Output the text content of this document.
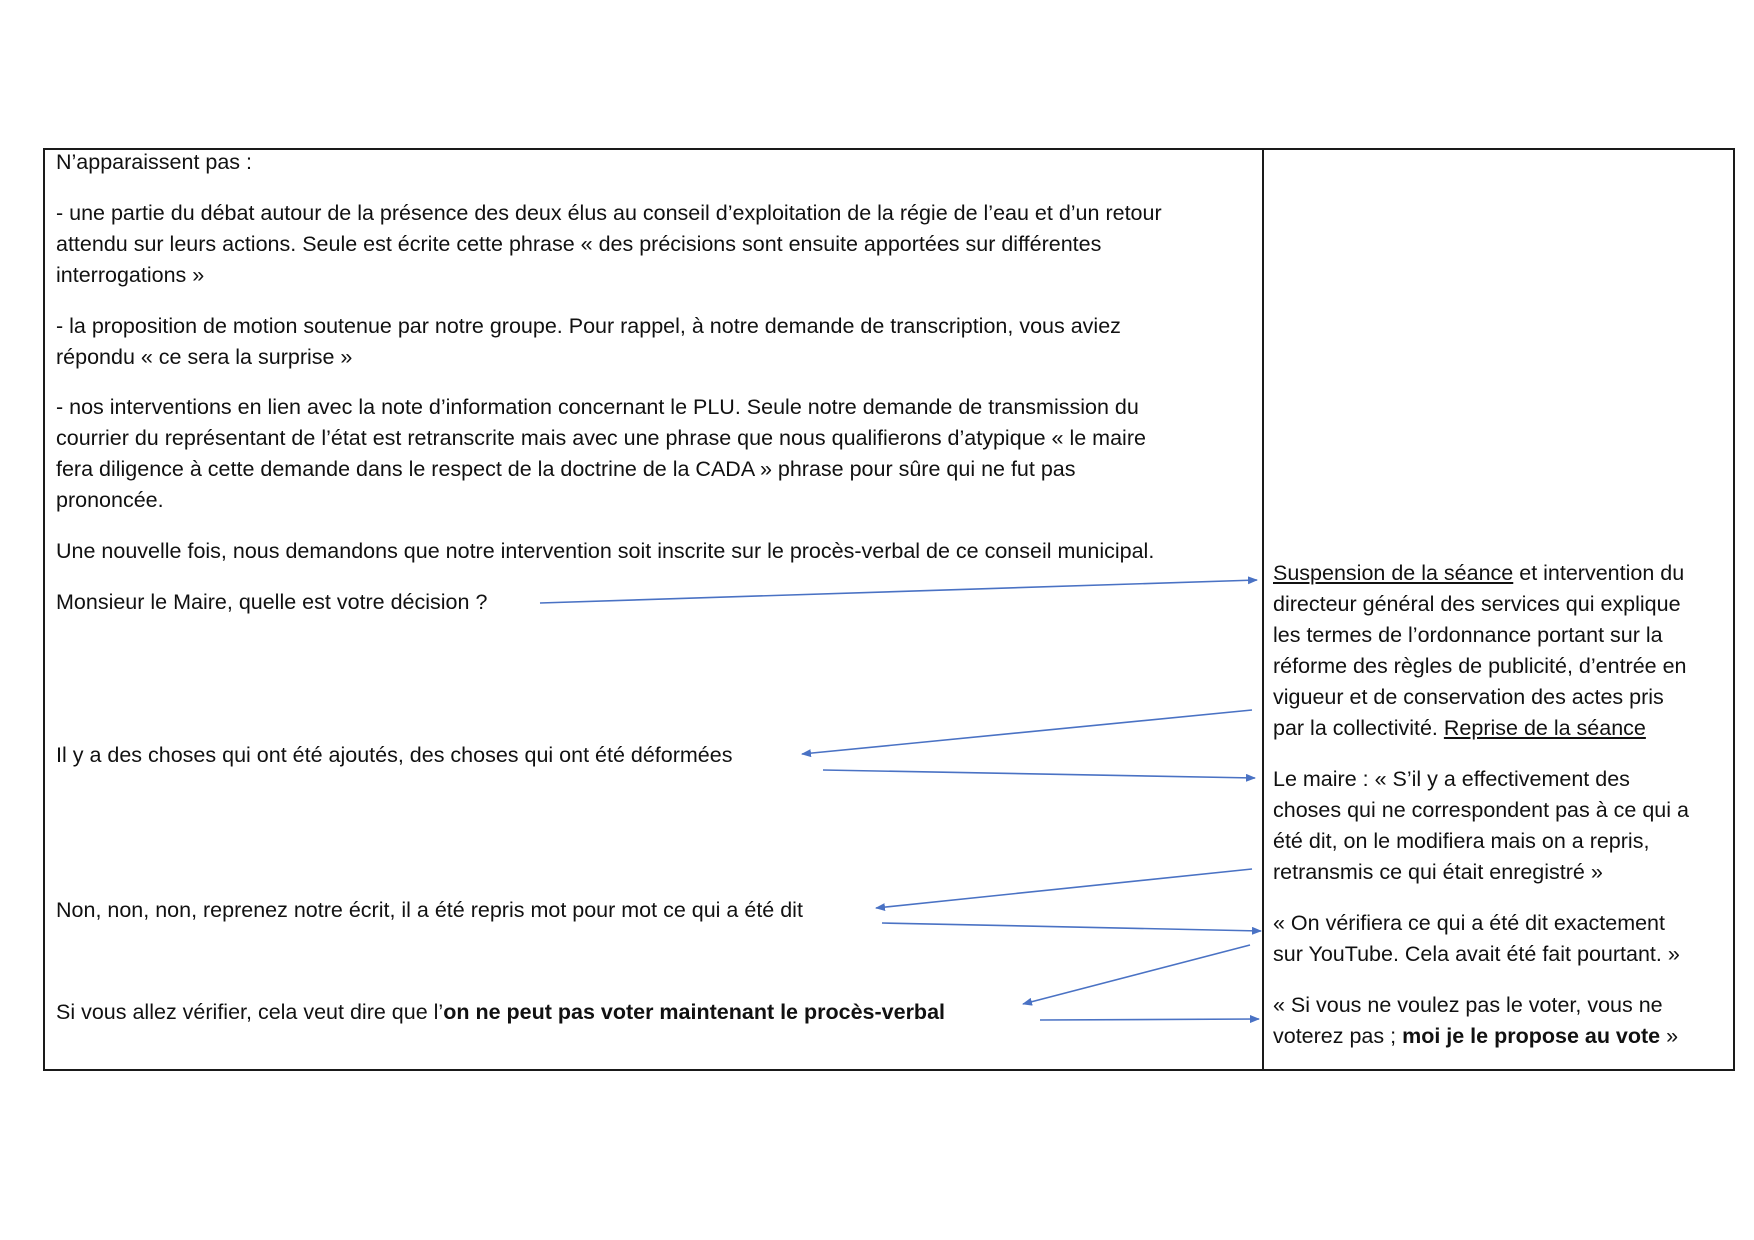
N’apparaissent pas :

- une partie du débat autour de la présence des deux élus au conseil d’exploitation de la régie de l’eau et d’un retour

attendu sur leurs actions. Seule est écrite cette phrase « des précisions sont ensuite apportées sur différentes

interrogations »

- la proposition de motion soutenue par notre groupe. Pour rappel, à notre demande de transcription, vous aviez

répondu « ce sera la surprise »

- nos interventions en lien avec la note d’information concernant le PLU. Seule notre demande de transmission du

courrier du représentant de l’état est retranscrite mais avec une phrase que nous qualifierons d’atypique « le maire

fera diligence à cette demande dans le respect de la doctrine de la CADA » phrase pour sûre qui ne fut pas

prononcée.

Une nouvelle fois, nous demandons que notre intervention soit inscrite sur le procès-verbal de ce conseil municipal.

Monsieur le Maire, quelle est votre décision ?

Il y a des choses qui ont été ajoutés, des choses qui ont été déformées

Non, non, non, reprenez notre écrit, il a été repris mot pour mot ce qui a été dit

Si vous allez vérifier, cela veut dire que l’on ne peut pas voter maintenant le procès-verbal

Suspension de la séance et intervention du

directeur général des services qui explique

les termes de l’ordonnance portant sur la

réforme des règles de publicité, d’entrée en

vigueur et de conservation des actes pris

par la collectivité. Reprise de la séance

Le maire : « S’il y a effectivement des

choses qui ne correspondent pas à ce qui a

été dit, on le modifiera mais on a repris,

retransmis ce qui était enregistré »

« On vérifiera ce qui a été dit exactement

sur YouTube. Cela avait été fait pourtant. »

« Si vous ne voulez pas le voter, vous ne

voterez pas ; moi je le propose au vote »
